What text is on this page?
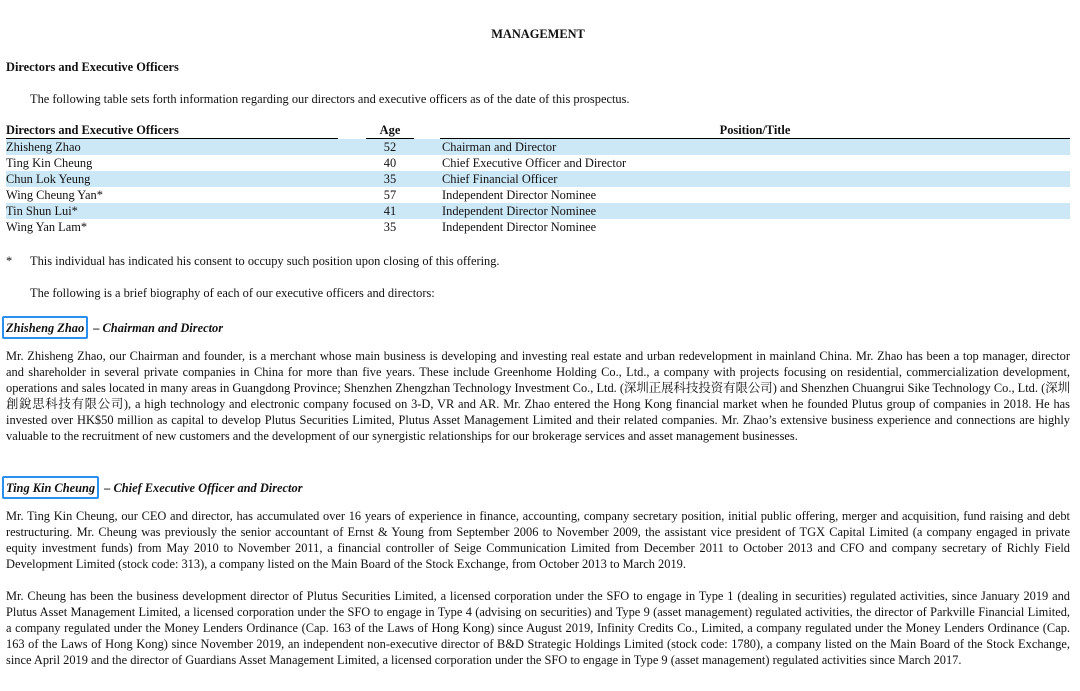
MANAGEMENT
Directors and Executive Officers
The following table sets forth information regarding our directors and executive officers as of the date of this prospectus.
Directors and Executive Officers		Age		Position/Title
Zhisheng Zhao		52		Chairman and Director
Ting Kin Cheung		40		Chief Executive Officer and Director
Chun Lok Yeung		35		Chief Financial Officer
Wing Cheung Yan*		57		Independent Director Nominee
Tin Shun Lui*		41		Independent Director Nominee
Wing Yan Lam*		35		Independent Director Nominee
* This individual has indicated his consent to occupy such position upon closing of this offering.
The following is a brief biography of each of our executive officers and directors:
Zhisheng Zhao – Chairman and Director
Mr. Zhisheng Zhao, our Chairman and founder, is a merchant whose main business is developing and investing real estate and urban redevelopment in mainland China. Mr. Zhao has been a top manager, director and shareholder in several private companies in China for more than five years. These include Greenhome Holding Co., Ltd., a company with projects focusing on residential, commercialization development, operations and sales located in many areas in Guangdong Province; Shenzhen Zhengzhan Technology Investment Co., Ltd. (深圳正展科技投资有限公司) and Shenzhen Chuangrui Sike Technology Co., Ltd. (深圳創銳思科技有限公司), a high technology and electronic company focused on 3-D, VR and AR. Mr. Zhao entered the Hong Kong financial market when he founded Plutus group of companies in 2018. He has invested over HK$50 million as capital to develop Plutus Securities Limited, Plutus Asset Management Limited and their related companies. Mr. Zhao’s extensive business experience and connections are highly valuable to the recruitment of new customers and the development of our synergistic relationships for our brokerage services and asset management businesses.
Ting Kin Cheung – Chief Executive Officer and Director
Mr. Ting Kin Cheung, our CEO and director, has accumulated over 16 years of experience in finance, accounting, company secretary position, initial public offering, merger and acquisition, fund raising and debt restructuring. Mr. Cheung was previously the senior accountant of Ernst & Young from September 2006 to November 2009, the assistant vice president of TGX Capital Limited (a company engaged in private equity investment funds) from May 2010 to November 2011, a financial controller of Seige Communication Limited from December 2011 to October 2013 and CFO and company secretary of Richly Field Development Limited (stock code: 313), a company listed on the Main Board of the Stock Exchange, from October 2013 to March 2019.
Mr. Cheung has been the business development director of Plutus Securities Limited, a licensed corporation under the SFO to engage in Type 1 (dealing in securities) regulated activities, since January 2019 and Plutus Asset Management Limited, a licensed corporation under the SFO to engage in Type 4 (advising on securities) and Type 9 (asset management) regulated activities, the director of Parkville Financial Limited, a company regulated under the Money Lenders Ordinance (Cap. 163 of the Laws of Hong Kong) since August 2019, Infinity Credits Co., Limited, a company regulated under the Money Lenders Ordinance (Cap. 163 of the Laws of Hong Kong) since November 2019, an independent non-executive director of B&D Strategic Holdings Limited (stock code: 1780), a company listed on the Main Board of the Stock Exchange, since April 2019 and the director of Guardians Asset Management Limited, a licensed corporation under the SFO to engage in Type 9 (asset management) regulated activities since March 2017.
